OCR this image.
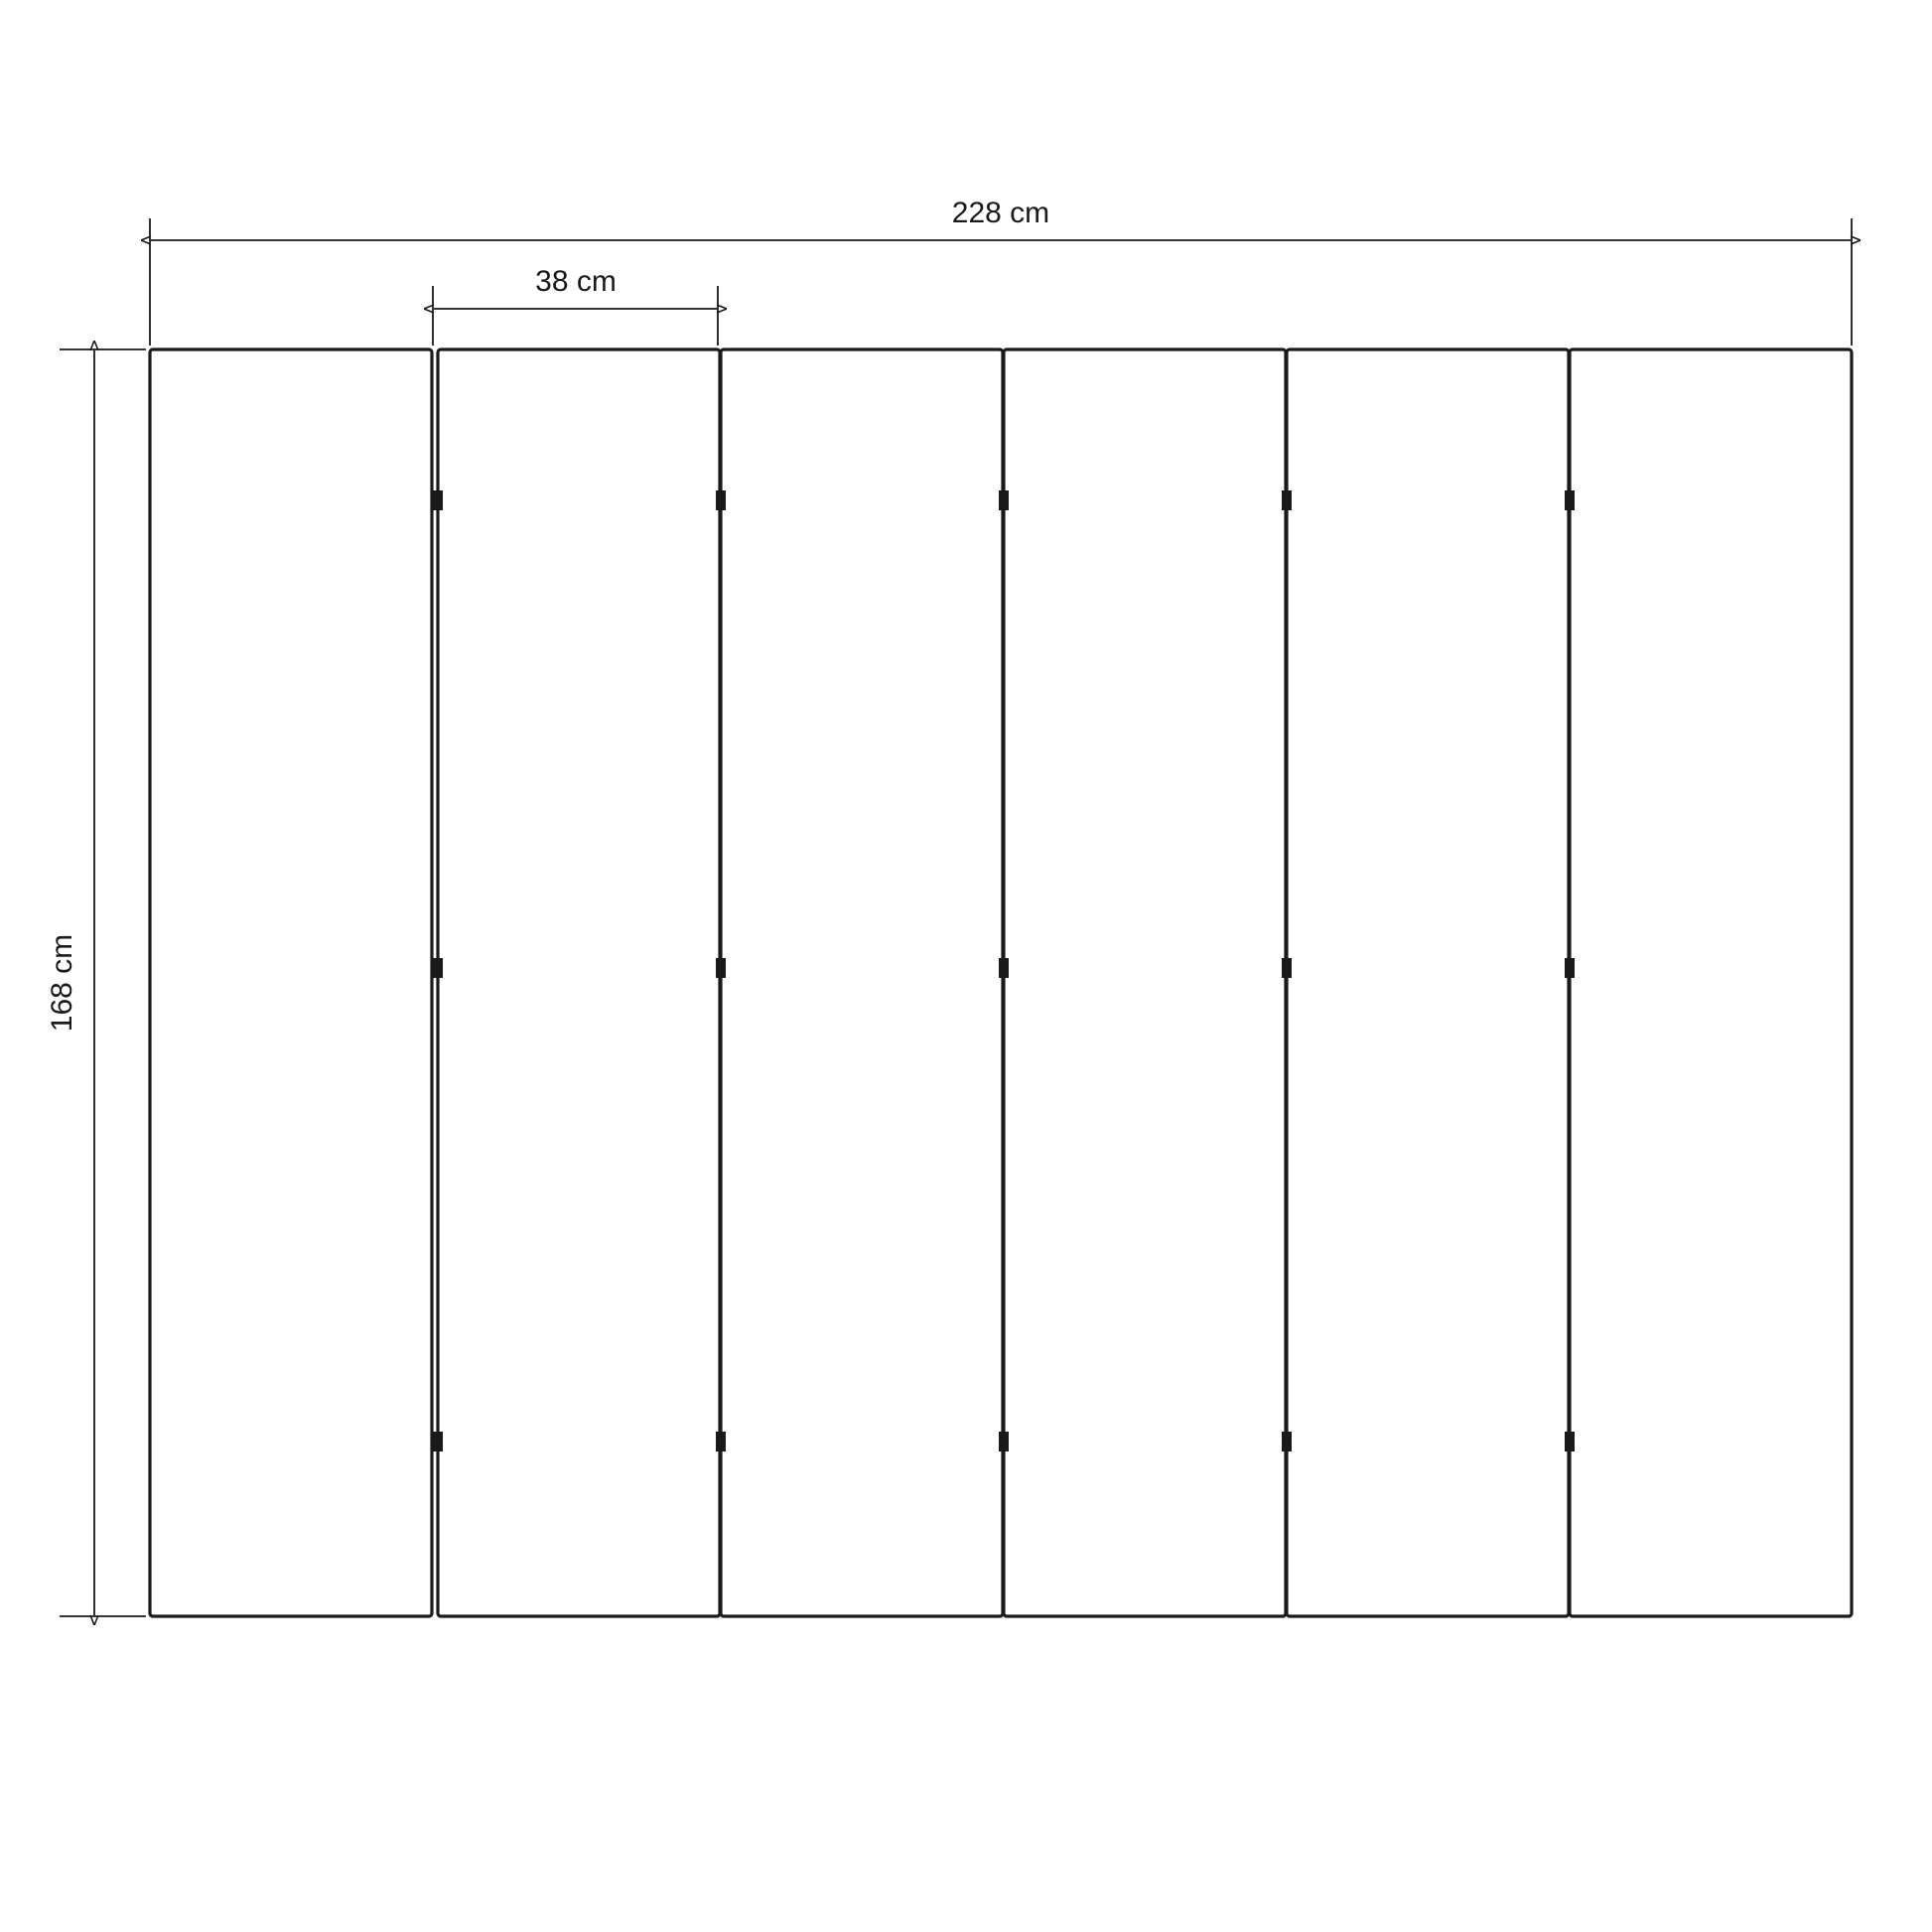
228 cm
38 cm
168 cm
